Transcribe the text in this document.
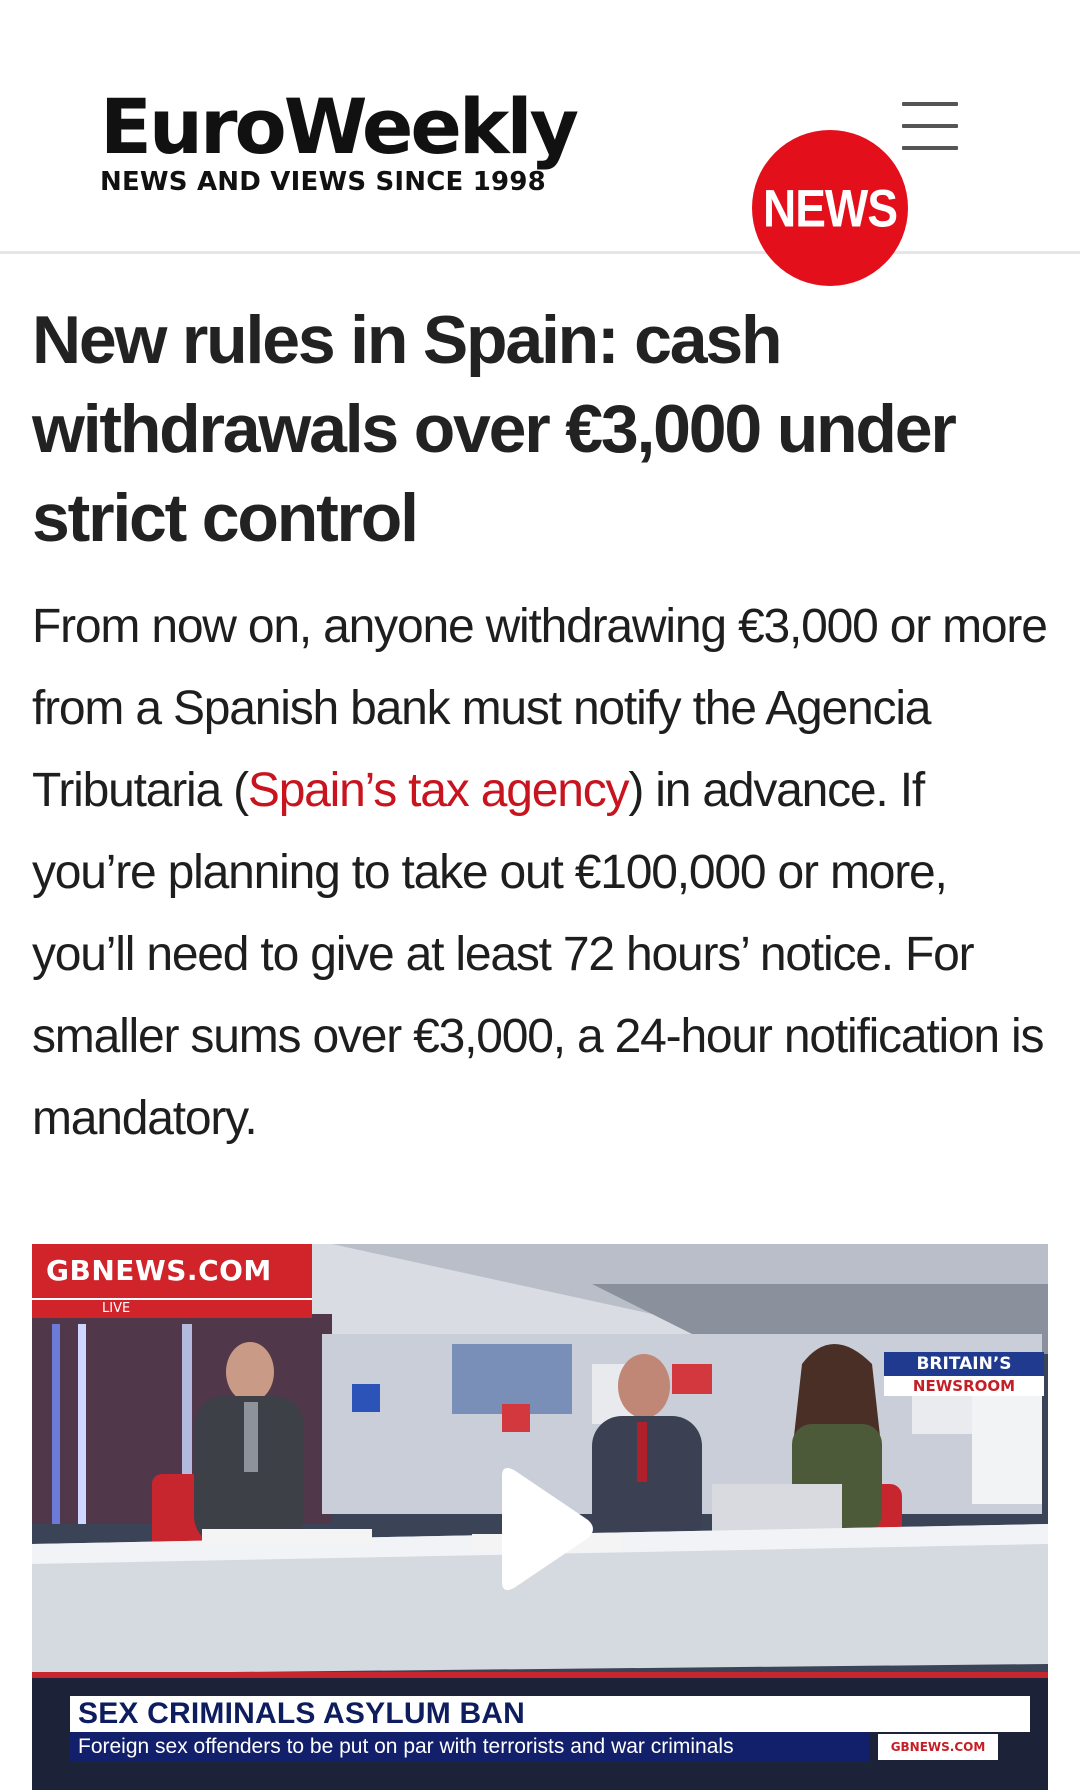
EuroWeekly
NEWS AND VIEWS SINCE 1998	NEWS
New rules in Spain: cash withdrawals over €3,000 under strict control

From now on, anyone withdrawing €3,000 or more from a Spanish bank must notify the Agencia Tributaria (Spain’s tax agency) in advance. If you’re planning to take out €100,000 or more, you’ll need to give at least 72 hours’ notice. For smaller sums over €3,000, a 24-hour notification is mandatory.

GBNEWS.COM
LIVE
BRITAIN’S
NEWSROOM
SEX CRIMINALS ASYLUM BAN
Foreign sex offenders to be put on par with terrorists and war criminals	GBNEWS.COM
